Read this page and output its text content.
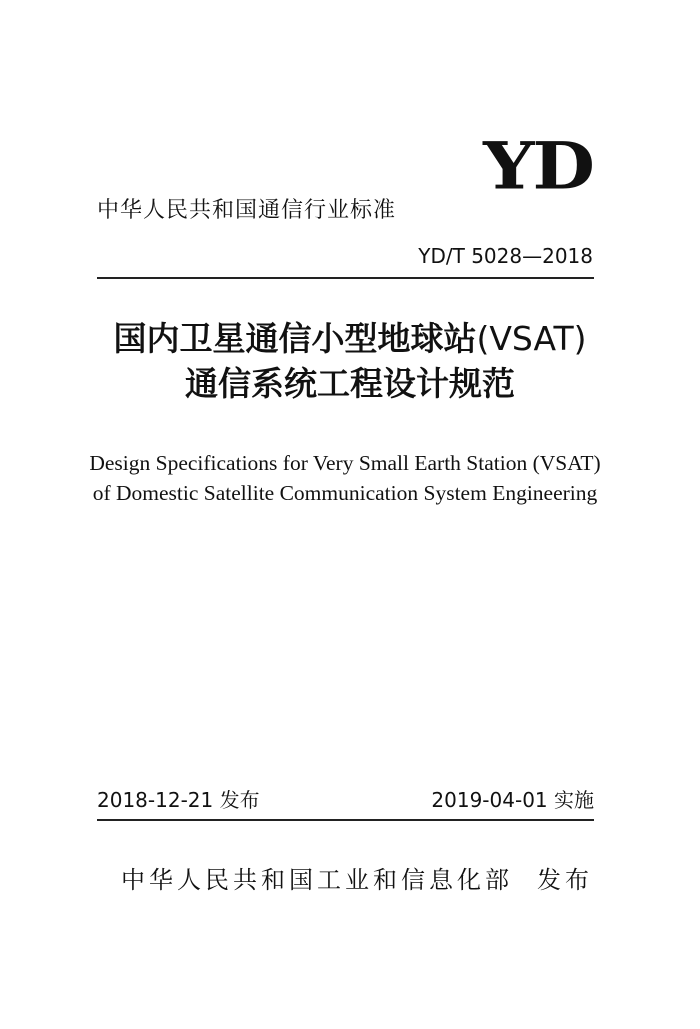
YD
中华人民共和国通信行业标准
YD/T 5028—2018
国内卫星通信小型地球站(VSAT)
通信系统工程设计规范
Design Specifications for Very Small Earth Station (VSAT)
of Domestic Satellite Communication System Engineering
2018-12-21 发布	2019-04-01 实施
中华人民共和国工业和信息化部 发布
